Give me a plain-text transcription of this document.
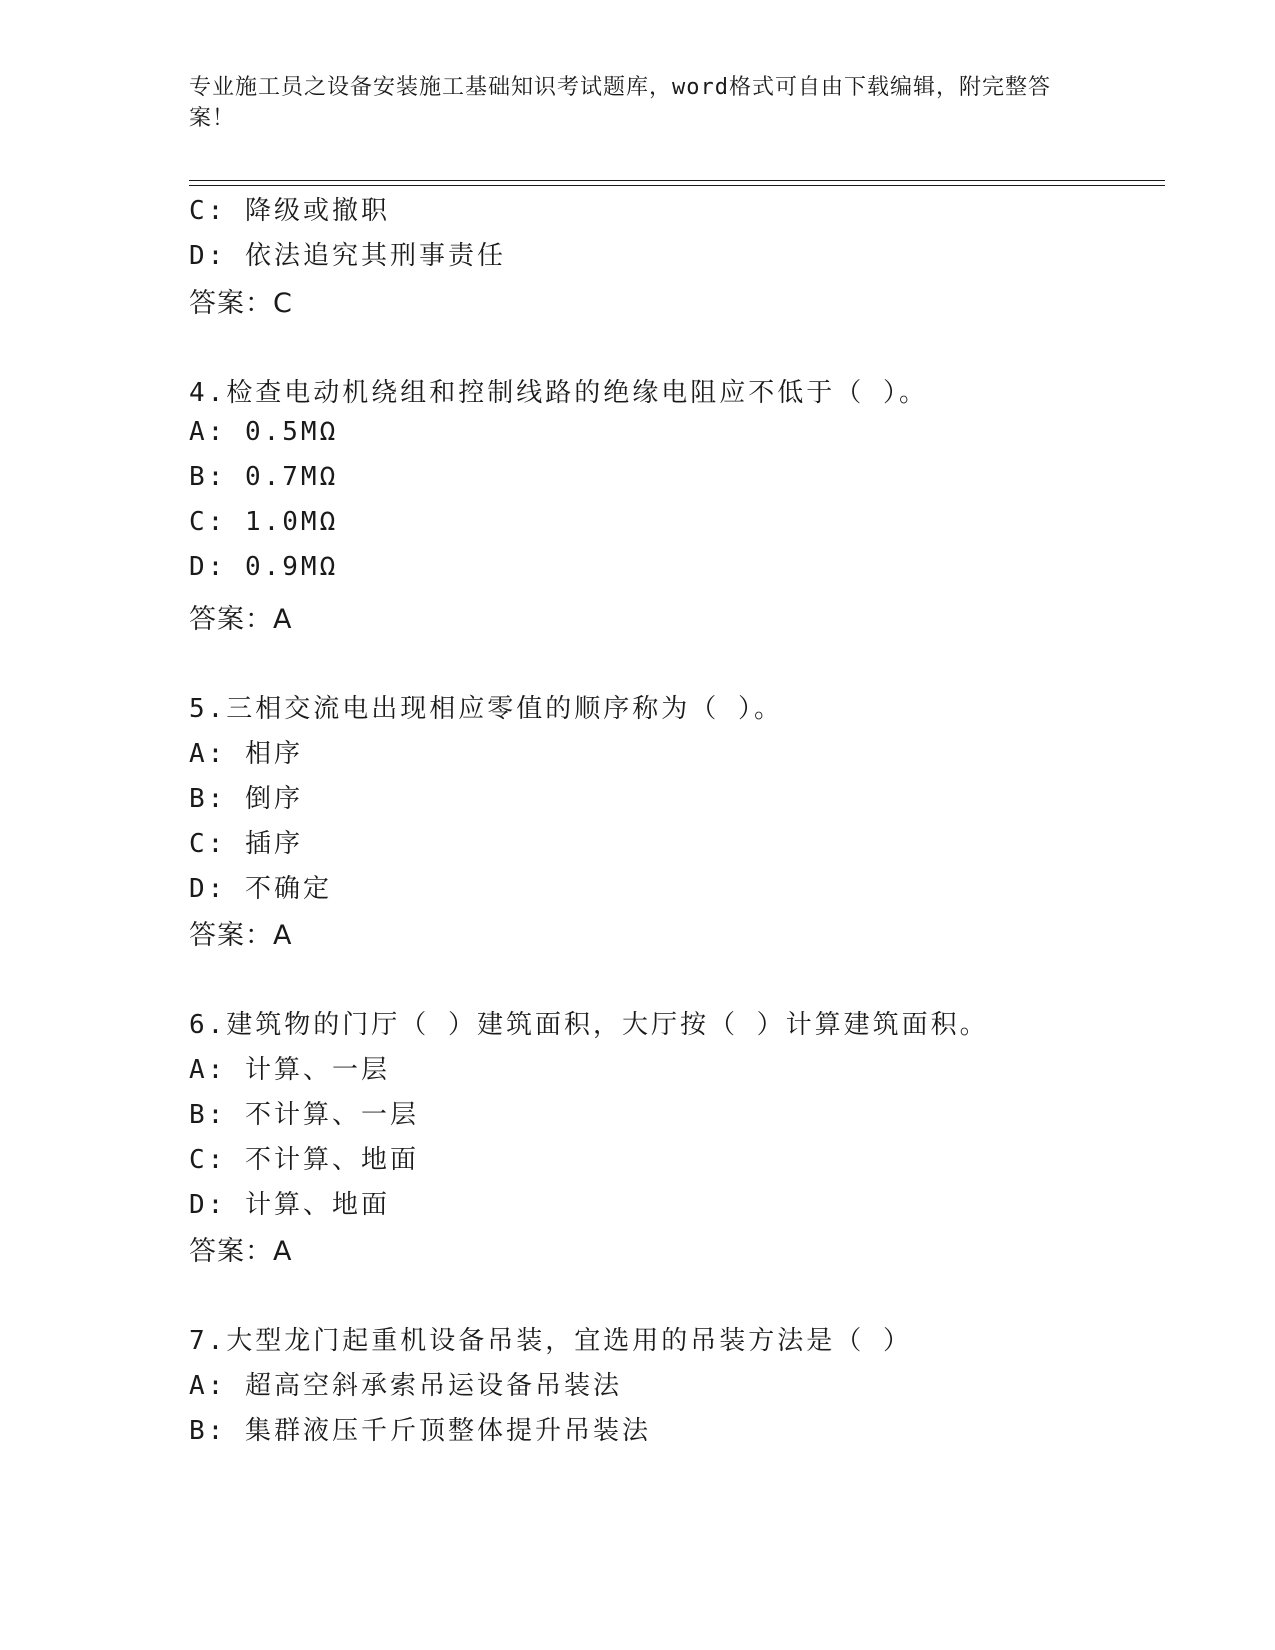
专业施工员之设备安装施工基础知识考试题库，word格式可自由下载编辑，附完整答案！
C: 降级或撤职
D: 依法追究其刑事责任
答案：C
4.检查电动机绕组和控制线路的绝缘电阻应不低于（ ）。
A: 0.5MΩ
B: 0.7MΩ
C: 1.0MΩ
D: 0.9MΩ
答案：A
5.三相交流电出现相应零值的顺序称为（ ）。
A: 相序
B: 倒序
C: 插序
D: 不确定
答案：A
6.建筑物的门厅（ ）建筑面积，大厅按（ ）计算建筑面积。
A: 计算、一层
B: 不计算、一层
C: 不计算、地面
D: 计算、地面
答案：A
7.大型龙门起重机设备吊装，宜选用的吊装方法是（ ）
A: 超高空斜承索吊运设备吊装法
B: 集群液压千斤顶整体提升吊装法
